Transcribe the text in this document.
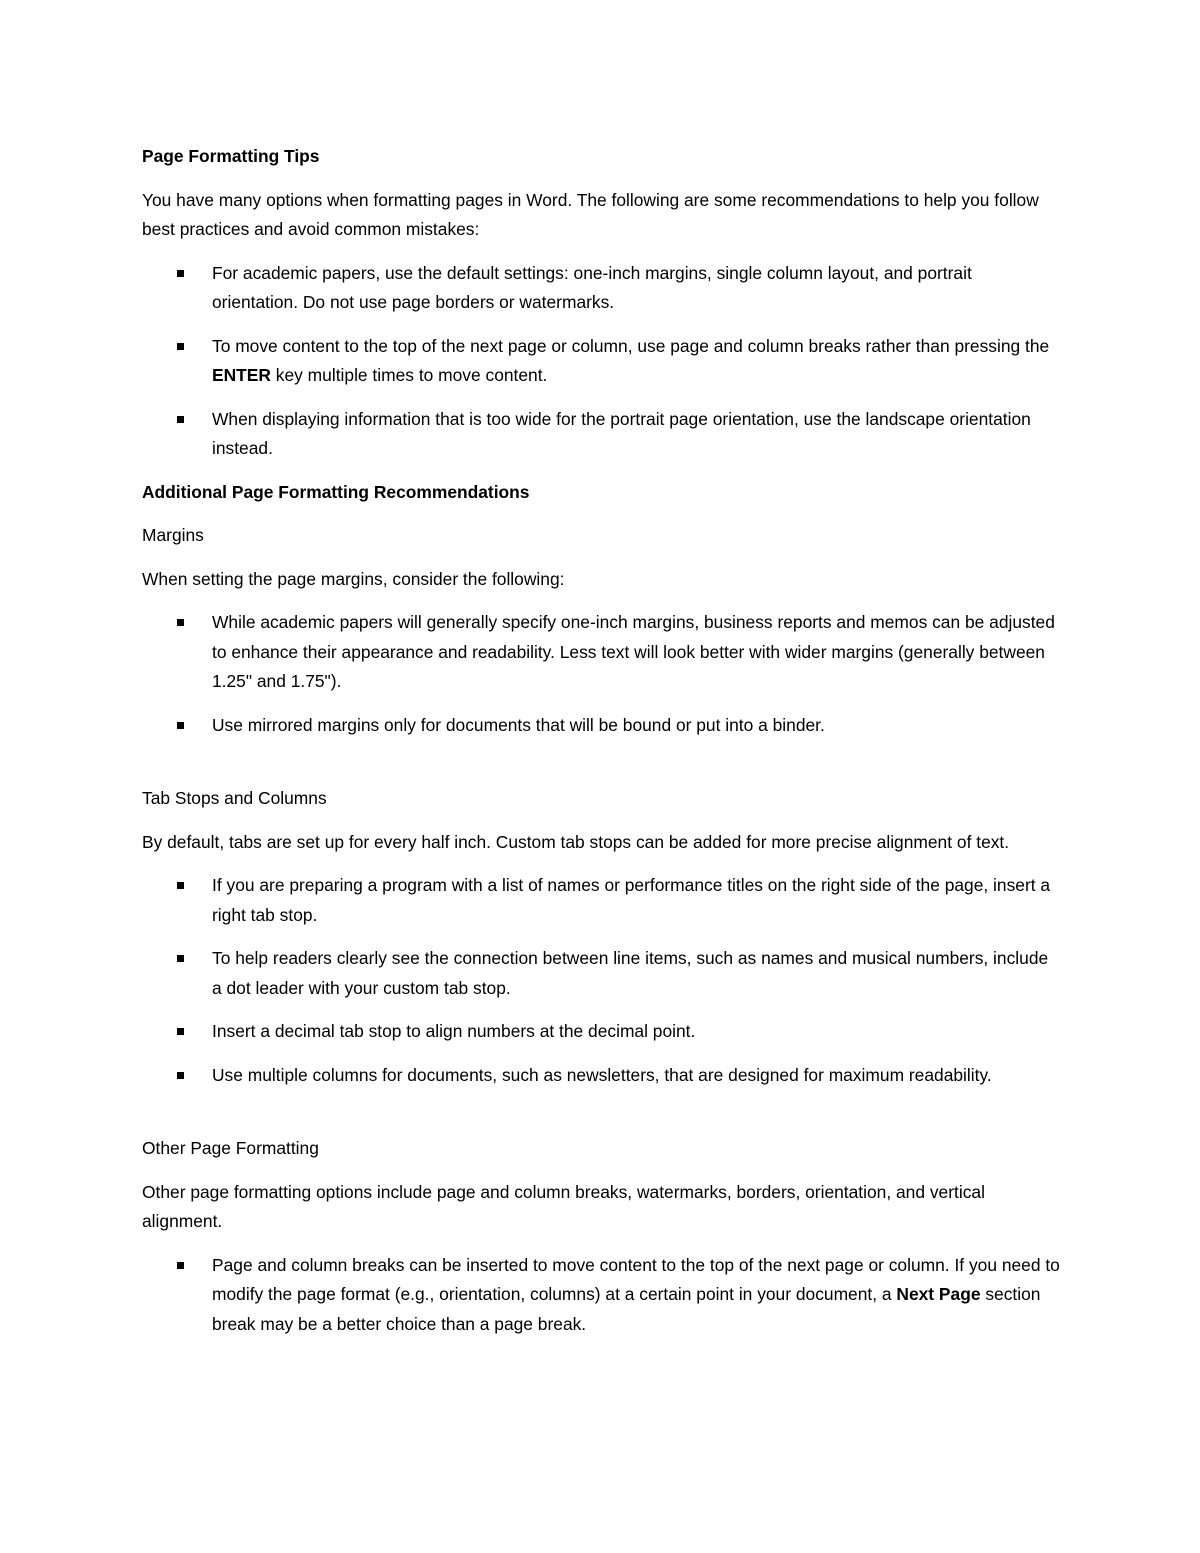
Page Formatting Tips

You have many options when formatting pages in Word. The following are some recommendations to help you follow best practices and avoid common mistakes:

For academic papers, use the default settings: one-inch margins, single column layout, and portrait orientation. Do not use page borders or watermarks.
To move content to the top of the next page or column, use page and column breaks rather than pressing the ENTER key multiple times to move content.
When displaying information that is too wide for the portrait page orientation, use the landscape orientation instead.

Additional Page Formatting Recommendations

Margins

When setting the page margins, consider the following:

While academic papers will generally specify one-inch margins, business reports and memos can be adjusted to enhance their appearance and readability. Less text will look better with wider margins (generally between 1.25" and 1.75").
Use mirrored margins only for documents that will be bound or put into a binder.

Tab Stops and Columns

By default, tabs are set up for every half inch. Custom tab stops can be added for more precise alignment of text.

If you are preparing a program with a list of names or performance titles on the right side of the page, insert a right tab stop.
To help readers clearly see the connection between line items, such as names and musical numbers, include a dot leader with your custom tab stop.
Insert a decimal tab stop to align numbers at the decimal point.
Use multiple columns for documents, such as newsletters, that are designed for maximum readability.

Other Page Formatting

Other page formatting options include page and column breaks, watermarks, borders, orientation, and vertical alignment.

Page and column breaks can be inserted to move content to the top of the next page or column. If you need to modify the page format (e.g., orientation, columns) at a certain point in your document, a Next Page section break may be a better choice than a page break.
